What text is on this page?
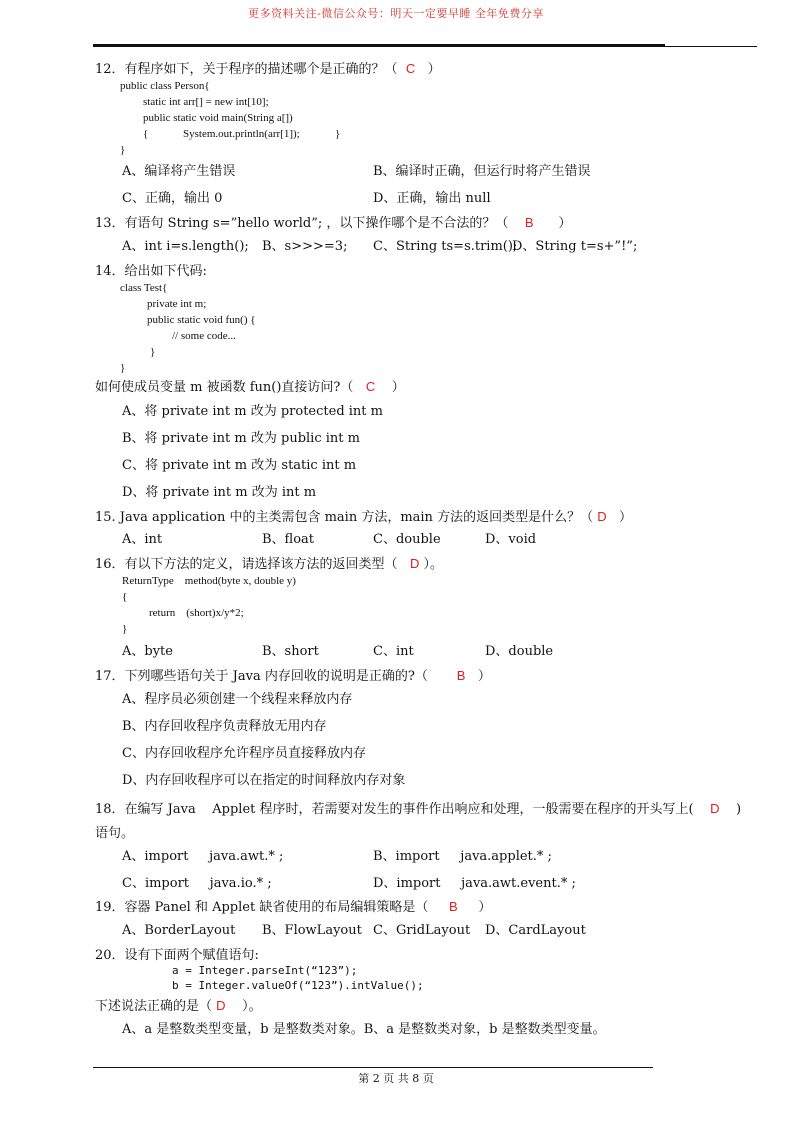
更多资料关注-微信公众号：明天一定要早睡 全年免费分享
12．有程序如下，关于程序的描述哪个是正确的？（ C ）
public class Person{
static int arr[] = new int[10];
public static void main(String a[])
{	System.out.println(arr[1]);	}
}
A、编译将产生错误	B、编译时正确，但运行时将产生错误
C、正确，输出 0	D、正确，输出 null
13．有语句 String s=”hello world”; ，以下操作哪个是不合法的？（ B ）
A、int i=s.length(); B、s>>>=3; C、String ts=s.trim();
D、String t=s+”!”;
14．给出如下代码:
class Test{
private int m;
public static void fun() {
// some code...
}
}
如何使成员变量 m 被函数 fun()直接访问?（ C ）
A、将 private int m 改为 protected int m
B、将 private int m 改为 public int m
C、将 private int m 改为 static int m
D、将 private int m 改为 int m
15. Java application 中的主类需包含 main 方法，main 方法的返回类型是什么？（ D ）
A、int	B、float	C、double	D、void
16．有以下方法的定义，请选择该方法的返回类型（ D ）。
ReturnType    method(byte x, double y)
{
return    (short)x/y*2;
}
A、byte	B、short	C、int	D、double
17．下列哪些语句关于 Java 内存回收的说明是正确的?（ B ）
A、程序员必须创建一个线程来释放内存
B、内存回收程序负责释放无用内存
C、内存回收程序允许程序员直接释放内存
D、内存回收程序可以在指定的时间释放内存对象
18．在编写 Java    Applet 程序时，若需要对发生的事件作出响应和处理，一般需要在程序的开头写上( D )
语句。
A、import     java.awt.* ;	B、import     java.applet.* ;
C、import     java.io.* ;	D、import     java.awt.event.* ;
19．容器 Panel 和 Applet 缺省使用的布局编辑策略是（ B ）
A、BorderLayout B、FlowLayout C、GridLayout D、CardLayout
20．设有下面两个赋值语句:
a = Integer.parseInt(“123”);
b = Integer.valueOf(“123”).intValue();
下述说法正确的是（ D ）。
A、a 是整数类型变量，b 是整数类对象。B、a 是整数类对象，b 是整数类型变量。
第 2 页 共 8 页
